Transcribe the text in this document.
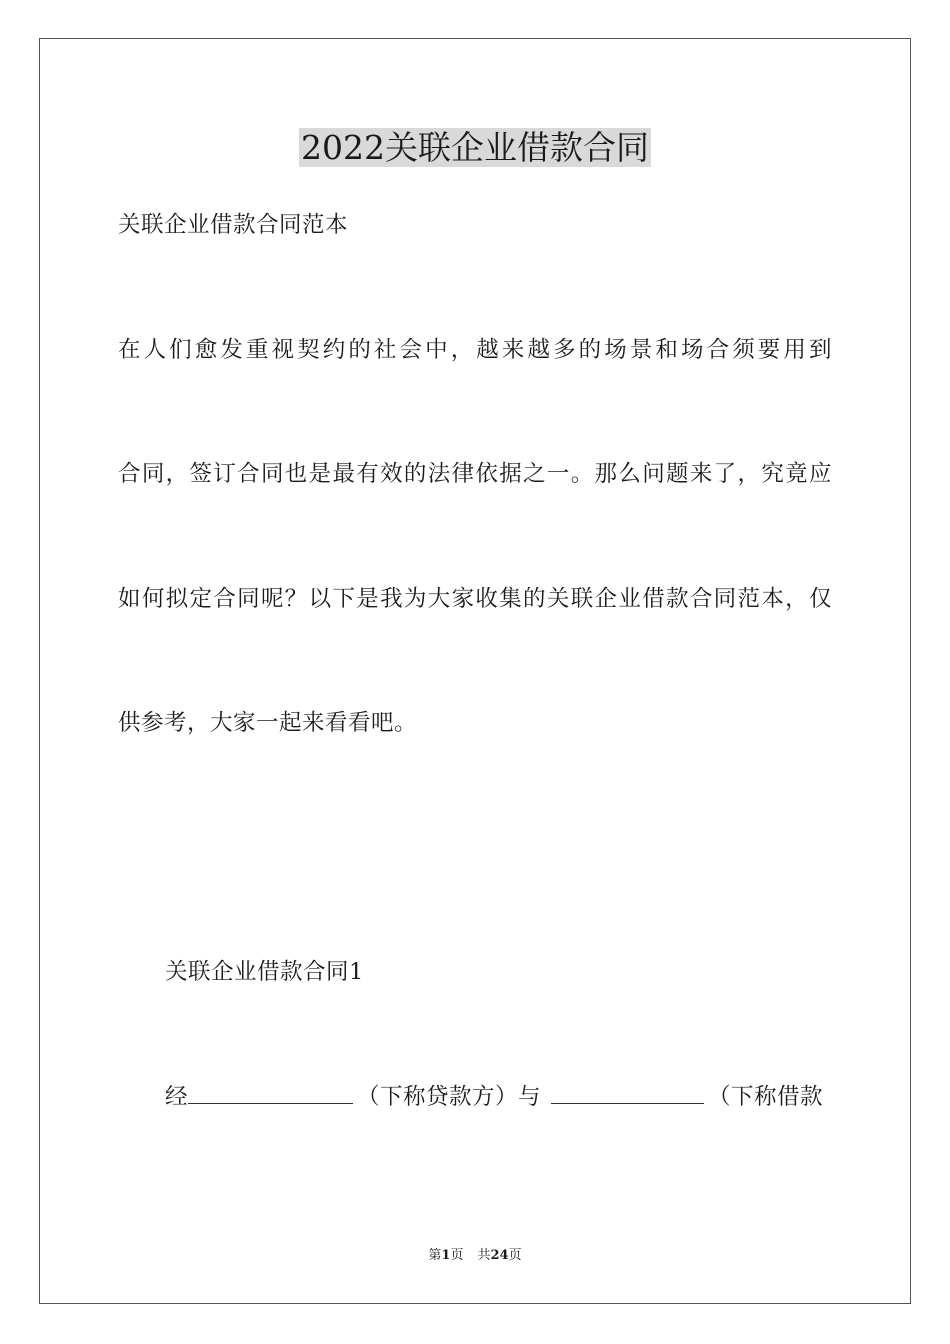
2022关联企业借款合同
关联企业借款合同范本
在人们愈发重视契约的社会中，越来越多的场景和场合须要用到
合同，签订合同也是最有效的法律依据之一。那么问题来了，究竟应
如何拟定合同呢？以下是我为大家收集的关联企业借款合同范本，仅
供参考，大家一起来看看吧。
关联企业借款合同1
经	（下称贷款方）与	（下称借款
第1页 共24页
